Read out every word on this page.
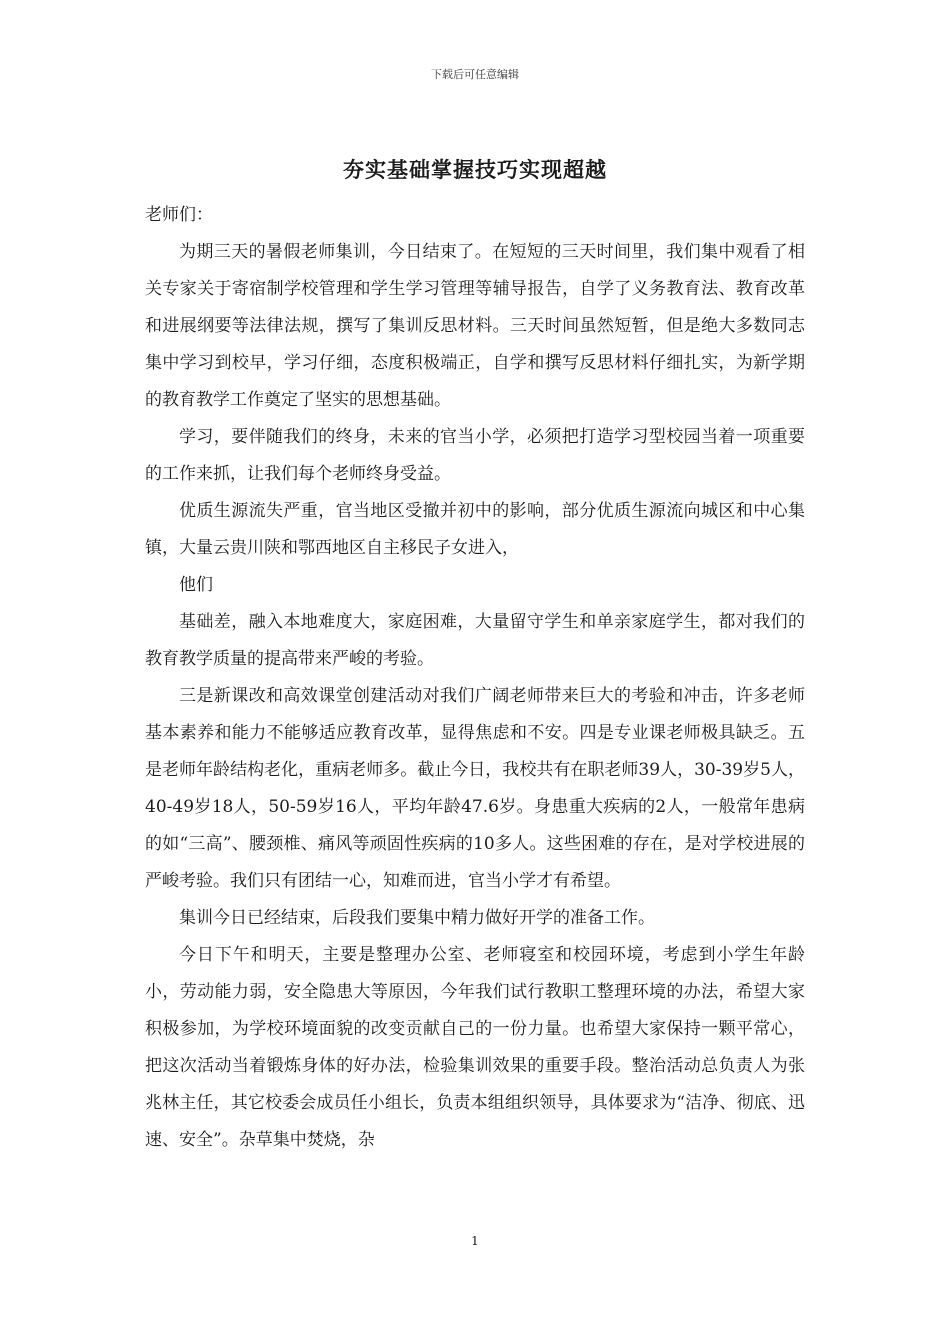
下载后可任意编辑
夯实基础掌握技巧实现超越

老师们：

为期三天的暑假老师集训，今日结束了。在短短的三天时间里，我们集中观看了相关专家关于寄宿制学校管理和学生学习管理等辅导报告，自学了义务教育法、教育改革和进展纲要等法律法规，撰写了集训反思材料。三天时间虽然短暂，但是绝大多数同志集中学习到校早，学习仔细，态度积极端正，自学和撰写反思材料仔细扎实，为新学期的教育教学工作奠定了坚实的思想基础。

学习，要伴随我们的终身，未来的官当小学，必须把打造学习型校园当着一项重要的工作来抓，让我们每个老师终身受益。

优质生源流失严重，官当地区受撤并初中的影响，部分优质生源流向城区和中心集镇，大量云贵川陕和鄂西地区自主移民子女进入，

他们

基础差，融入本地难度大，家庭困难，大量留守学生和单亲家庭学生，都对我们的教育教学质量的提高带来严峻的考验。

三是新课改和高效课堂创建活动对我们广阔老师带来巨大的考验和冲击，许多老师基本素养和能力不能够适应教育改革，显得焦虑和不安。四是专业课老师极具缺乏。五是老师年龄结构老化，重病老师多。截止今日，我校共有在职老师39人，30-39岁5人，40-49岁18人，50-59岁16人，平均年龄47.6岁。身患重大疾病的2人，一般常年患病的如“三高”、腰颈椎、痛风等顽固性疾病的10多人。这些困难的存在，是对学校进展的严峻考验。我们只有团结一心，知难而进，官当小学才有希望。

集训今日已经结束，后段我们要集中精力做好开学的准备工作。

今日下午和明天，主要是整理办公室、老师寝室和校园环境，考虑到小学生年龄小，劳动能力弱，安全隐患大等原因，今年我们试行教职工整理环境的办法，希望大家积极参加，为学校环境面貌的改变贡献自己的一份力量。也希望大家保持一颗平常心，把这次活动当着锻炼身体的好办法，检验集训效果的重要手段。整治活动总负责人为张兆林主任，其它校委会成员任小组长，负责本组组织领导，具体要求为“洁净、彻底、迅速、安全”。杂草集中焚烧，杂

1
